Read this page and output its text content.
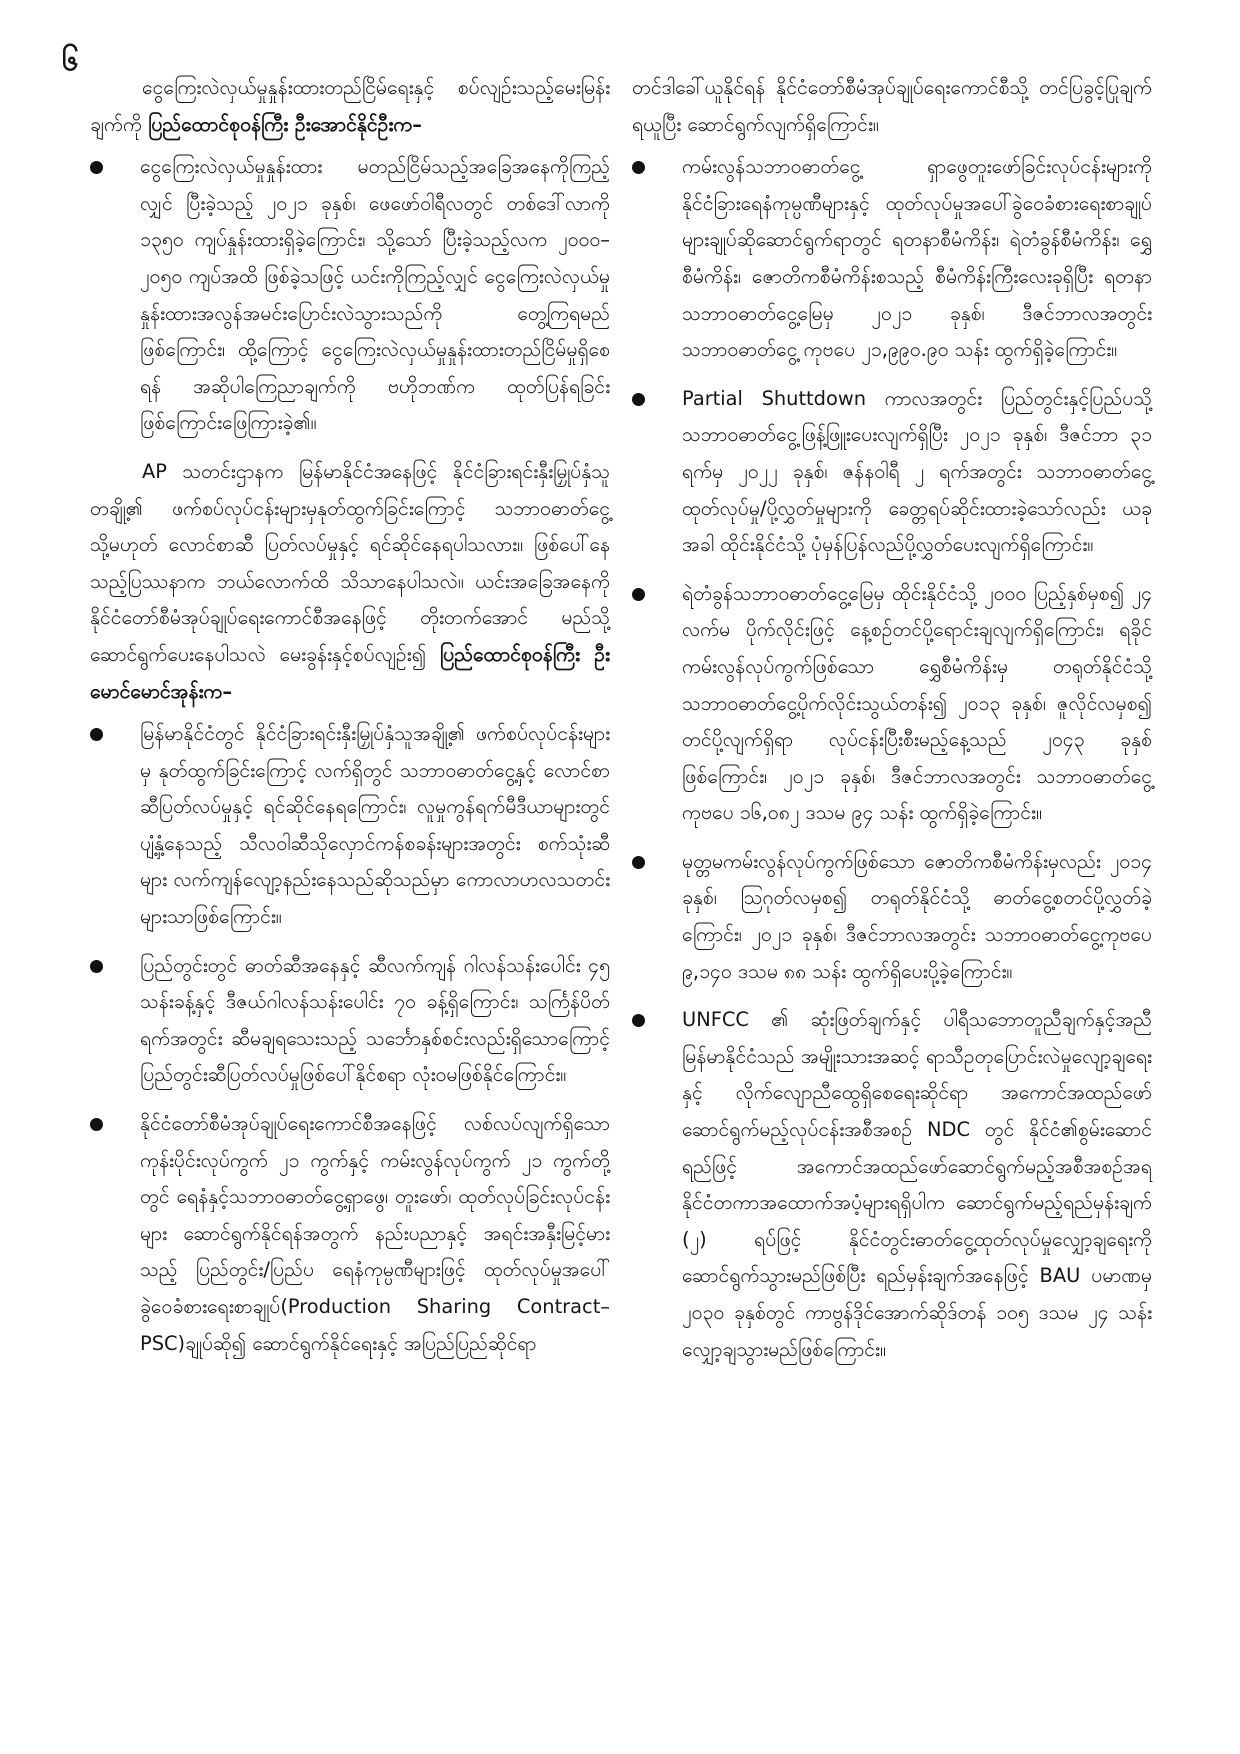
၆

ငွေကြေးလဲလှယ်မှုနှုန်းထားတည်ငြိမ်ရေးနှင့် စပ်လျဉ်းသည့်မေးမြန်းချက်ကို ပြည်ထောင်စုဝန်ကြီး ဦးအောင်နိုင်ဦးက–

ငွေကြေးလဲလှယ်မှုနှုန်းထား မတည်ငြိမ်သည့်အခြေအနေကိုကြည့်လျှင် ပြီးခဲ့သည့် ၂၀၂၁ ခုနှစ်၊ ဖေဖော်ဝါရီလတွင် တစ်ဒေါ်လာကို ၁၃၅၀ ကျပ်နှုန်းထားရှိခဲ့ကြောင်း၊ သို့သော် ပြီးခဲ့သည့်လက ၂၀၀၀–၂၀၅၀ ကျပ်အထိ ဖြစ်ခဲ့သဖြင့် ယင်းကိုကြည့်လျှင် ငွေကြေးလဲလှယ်မှုနှုန်းထားအလွန်အမင်းပြောင်းလဲသွားသည်ကို တွေ့ကြရမည်ဖြစ်ကြောင်း၊ ထို့ကြောင့် ငွေကြေးလဲလှယ်မှုနှုန်းထားတည်ငြိမ်မှုရှိစေရန် အဆိုပါကြေညာချက်ကို ဗဟိုဘဏ်က ထုတ်ပြန်ရခြင်းဖြစ်ကြောင်းဖြေကြားခဲ့၏။

AP သတင်းဌာနက မြန်မာနိုင်ငံအနေဖြင့် နိုင်ငံခြားရင်းနှီးမြှုပ်နှံသူတချို့၏ ဖက်စပ်လုပ်ငန်းများမှနုတ်ထွက်ခြင်းကြောင့် သဘာဝဓာတ်ငွေ့ သို့မဟုတ် လောင်စာဆီ ပြတ်လပ်မှုနှင့် ရင်ဆိုင်နေရပါသလား။ ဖြစ်ပေါ်နေသည့်ပြဿနာက ဘယ်လောက်ထိ သိသာနေပါသလဲ။ ယင်းအခြေအနေကို နိုင်ငံတော်စီမံအုပ်ချုပ်ရေးကောင်စီအနေဖြင့် တိုးတက်အောင် မည်သို့ဆောင်ရွက်ပေးနေပါသလဲ မေးခွန်းနှင့်စပ်လျဉ်း၍ ပြည်ထောင်စုဝန်ကြီး ဦးမောင်မောင်အုန်းက–

မြန်မာနိုင်ငံတွင် နိုင်ငံခြားရင်းနှီးမြှုပ်နှံသူအချို့၏ ဖက်စပ်လုပ်ငန်းများမှ နုတ်ထွက်ခြင်းကြောင့် လက်ရှိတွင် သဘာဝဓာတ်ငွေ့နှင့် လောင်စာဆီပြတ်လပ်မှုနှင့် ရင်ဆိုင်နေရကြောင်း၊ လူမှုကွန်ရက်မီဒီယာများတွင်ပျံ့နှံ့နေသည့် သီလဝါဆီသိုလှောင်ကန်စခန်းများအတွင်း စက်သုံးဆီများ လက်ကျန်လျော့နည်းနေသည်ဆိုသည်မှာ ကောလာဟလသတင်းများသာဖြစ်ကြောင်း။
ပြည်တွင်းတွင် ဓာတ်ဆီအနေနှင့် ဆီလက်ကျန် ဂါလန်သန်းပေါင်း ၄၅ သန်းခန့်နှင့် ဒီဇယ်ဂါလန်သန်းပေါင်း ၇၀ ခန့်ရှိကြောင်း၊ သင်္ကြန်ပိတ်ရက်အတွင်း ဆီမချရသေးသည့် သင်္ဘောနှစ်စင်းလည်းရှိသောကြောင့် ပြည်တွင်းဆီပြတ်လပ်မှုဖြစ်ပေါ်နိုင်စရာ လုံးဝမဖြစ်နိုင်ကြောင်း။
နိုင်ငံတော်စီမံအုပ်ချုပ်ရေးကောင်စီအနေဖြင့် လစ်လပ်လျက်ရှိသော ကုန်းပိုင်းလုပ်ကွက် ၂၁ ကွက်နှင့် ကမ်းလွန်လုပ်ကွက် ၂၁ ကွက်တို့တွင် ရေနံနှင့်သဘာဝဓာတ်ငွေ့ရှာဖွေ၊ တူးဖော်၊ ထုတ်လုပ်ခြင်းလုပ်ငန်းများ ဆောင်ရွက်နိုင်ရန်အတွက် နည်းပညာနှင့် အရင်းအနှီးမြင့်မားသည့် ပြည်တွင်း/ပြည်ပ ရေနံကုမ္ပဏီများဖြင့် ထုတ်လုပ်မှုအပေါ် ခွဲဝေခံစားရေးစာချုပ်(Production Sharing Contract–PSC)ချုပ်ဆို၍ ဆောင်ရွက်နိုင်ရေးနှင့် အပြည်ပြည်ဆိုင်ရာ

တင်ဒါခေါ်ယူနိုင်ရန် နိုင်ငံတော်စီမံအုပ်ချုပ်ရေးကောင်စီသို့ တင်ပြခွင့်ပြုချက်ရယူပြီး ဆောင်ရွက်လျက်ရှိကြောင်း။

ကမ်းလွန်သဘာဝဓာတ်ငွေ့ ရှာဖွေတူးဖော်ခြင်းလုပ်ငန်းများကို နိုင်ငံခြားရေနံကုမ္ပဏီများနှင့် ထုတ်လုပ်မှုအပေါ်ခွဲဝေခံစားရေးစာချုပ်များချုပ်ဆိုဆောင်ရွက်ရာတွင် ရတနာစီမံကိန်း၊ ရဲတံခွန်စီမံကိန်း၊ ရွှေစီမံကိန်း၊ ဇောတိကစီမံကိန်းစသည့် စီမံကိန်းကြီးလေးခုရှိပြီး ရတနာသဘာဝဓာတ်ငွေ့မြေမှ ၂၀၂၁ ခုနှစ်၊ ဒီဇင်ဘာလအတွင်း သဘာဝဓာတ်ငွေ့ ကုဗပေ ၂၁,၉၉၀.၉၀ သန်း ထွက်ရှိခဲ့ကြောင်း။
Partial Shuttdown ကာလအတွင်း ပြည်တွင်းနှင့်ပြည်ပသို့ သဘာဝဓာတ်ငွေ့ဖြန့်ဖြူးပေးလျက်ရှိပြီး ၂၀၂၁ ခုနှစ်၊ ဒီဇင်ဘာ ၃၁ ရက်မှ ၂၀၂၂ ခုနှစ်၊ ဇန်နဝါရီ ၂ ရက်အတွင်း သဘာဝဓာတ်ငွေ့ထုတ်လုပ်မှု/ပို့လွှတ်မှုများကို ခေတ္တရပ်ဆိုင်းထားခဲ့သော်လည်း ယခုအခါ ထိုင်းနိုင်ငံသို့ ပုံမှန်ပြန်လည်ပို့လွှတ်ပေးလျက်ရှိကြောင်း။
ရဲတံခွန်သဘာဝဓာတ်ငွေ့မြေမှ ထိုင်းနိုင်ငံသို့ ၂၀၀၀ ပြည့်နှစ်မှစ၍ ၂၄ လက်မ ပိုက်လိုင်းဖြင့် နေ့စဉ်တင်ပို့ရောင်းချလျက်ရှိကြောင်း၊ ရခိုင်ကမ်းလွန်လုပ်ကွက်ဖြစ်သော ရွှေစီမံကိန်းမှ တရုတ်နိုင်ငံသို့ သဘာဝဓာတ်ငွေ့ပိုက်လိုင်းသွယ်တန်း၍ ၂၀၁၃ ခုနှစ်၊ ဇူလိုင်လမှစ၍ တင်ပို့လျက်ရှိရာ လုပ်ငန်းပြီးစီးမည့်နေ့သည် ၂၀၄၃ ခုနှစ် ဖြစ်ကြောင်း၊ ၂၀၂၁ ခုနှစ်၊ ဒီဇင်ဘာလအတွင်း သဘာဝဓာတ်ငွေ့ကုဗပေ ၁၆,၀၈၂ ဒသမ ၉၄ သန်း ထွက်ရှိခဲ့ကြောင်း။
မုတ္တမကမ်းလွန်လုပ်ကွက်ဖြစ်သော ဇောတိကစီမံကိန်းမှလည်း ၂၀၁၄ ခုနှစ်၊ ဩဂုတ်လမှစ၍ တရုတ်နိုင်ငံသို့ ဓာတ်ငွေ့စတင်ပို့လွှတ်ခဲ့ကြောင်း၊ ၂၀၂၁ ခုနှစ်၊ ဒီဇင်ဘာလအတွင်း သဘာဝဓာတ်ငွေ့ကုဗပေ ၉,၁၄၀ ဒသမ ၈၈ သန်း ထွက်ရှိပေးပို့ခဲ့ကြောင်း။
UNFCC ၏ ဆုံးဖြတ်ချက်နှင့် ပါရီသဘောတူညီချက်နှင့်အညီ မြန်မာနိုင်ငံသည် အမျိုးသားအဆင့် ရာသီဥတုပြောင်းလဲမှုလျော့ချရေးနှင့် လိုက်လျောညီထွေရှိစေရေးဆိုင်ရာ အကောင်အထည်ဖော်ဆောင်ရွက်မည့်လုပ်ငန်းအစီအစဉ် NDC တွင် နိုင်ငံ၏စွမ်းဆောင်ရည်ဖြင့် အကောင်အထည်ဖော်ဆောင်ရွက်မည့်အစီအစဉ်အရ နိုင်ငံတကာအထောက်အပံ့များရရှိပါက ဆောင်ရွက်မည့်ရည်မှန်းချက် (၂) ရပ်ဖြင့် နိုင်ငံတွင်းဓာတ်ငွေ့ထုတ်လုပ်မှုလျှော့ချရေးကို ဆောင်ရွက်သွားမည်ဖြစ်ပြီး ရည်မှန်းချက်အနေဖြင့် BAU ပမာဏမှ ၂၀၃၀ ခုနှစ်တွင် ကာဗွန်ဒိုင်အောက်ဆိုဒ်တန် ၁၀၅ ဒသမ ၂၄ သန်း လျှော့ချသွားမည်ဖြစ်ကြောင်း။
